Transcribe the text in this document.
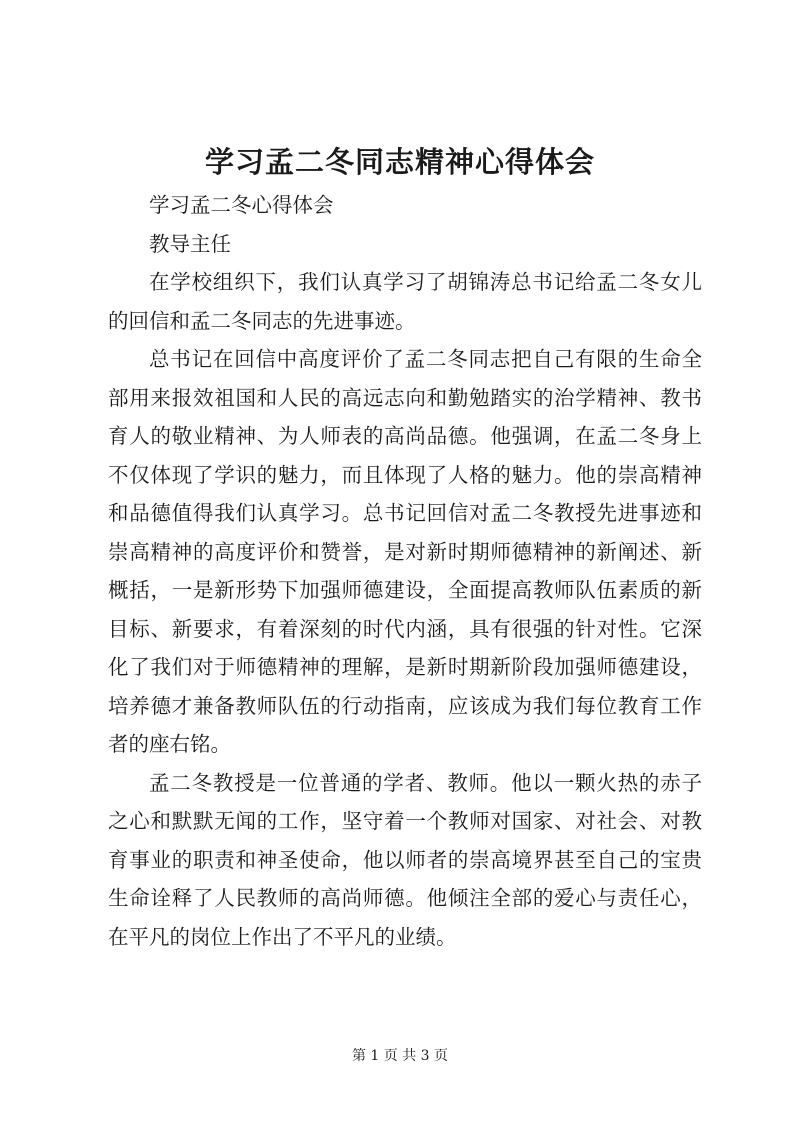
学习孟二冬同志精神心得体会

学习孟二冬心得体会

教导主任

在学校组织下，我们认真学习了胡锦涛总书记给孟二冬女儿的回信和孟二冬同志的先进事迹。

总书记在回信中高度评价了孟二冬同志把自己有限的生命全部用来报效祖国和人民的高远志向和勤勉踏实的治学精神、教书育人的敬业精神、为人师表的高尚品德。他强调，在孟二冬身上不仅体现了学识的魅力，而且体现了人格的魅力。他的崇高精神和品德值得我们认真学习。总书记回信对孟二冬教授先进事迹和崇高精神的高度评价和赞誉，是对新时期师德精神的新阐述、新概括，一是新形势下加强师德建设，全面提高教师队伍素质的新目标、新要求，有着深刻的时代内涵，具有很强的针对性。它深化了我们对于师德精神的理解，是新时期新阶段加强师德建设，培养德才兼备教师队伍的行动指南，应该成为我们每位教育工作者的座右铭。

孟二冬教授是一位普通的学者、教师。他以一颗火热的赤子之心和默默无闻的工作，坚守着一个教师对国家、对社会、对教育事业的职责和神圣使命，他以师者的崇高境界甚至自己的宝贵生命诠释了人民教师的高尚师德。他倾注全部的爱心与责任心，在平凡的岗位上作出了不平凡的业绩。

第 1 页 共 3 页
